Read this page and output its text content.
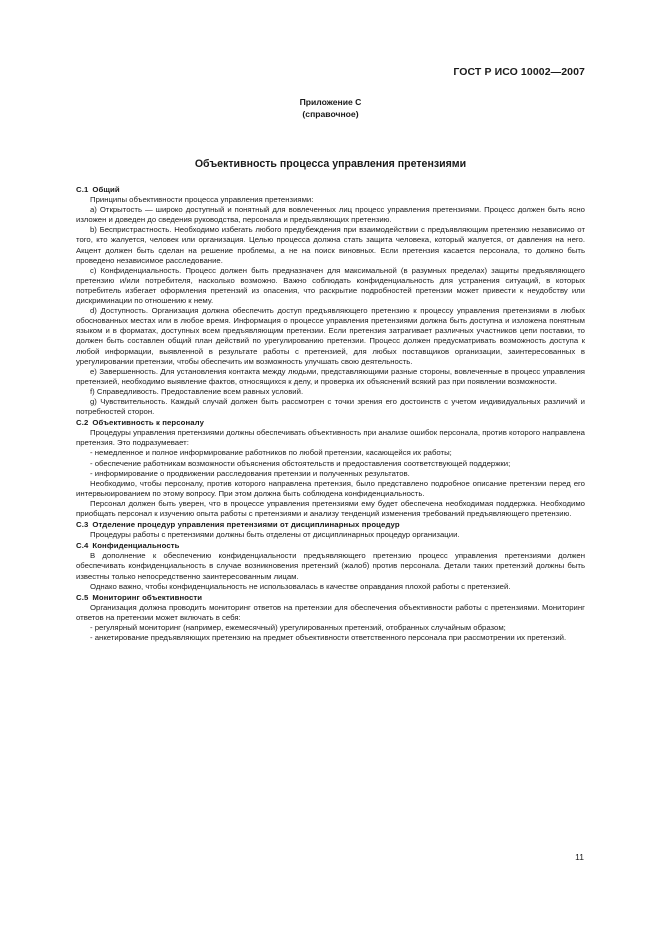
ГОСТ Р ИСО 10002—2007
Приложение С
(справочное)
Объективность процесса управления претензиями

С.1 Общий

Принципы объективности процесса управления претензиями:

a) Открытость — широко доступный и понятный для вовлеченных лиц процесс управления претензиями. Процесс должен быть ясно изложен и доведен до сведения руководства, персонала и предъявляющих претензию.

b) Беспристрастность. Необходимо избегать любого предубеждения при взаимодействии с предъявляющим претензию независимо от того, кто жалуется, человек или организация. Целью процесса должна стать защита человека, который жалуется, от давления на него. Акцент должен быть сделан на решение проблемы, а не на поиск виновных. Если претензия касается персонала, то должно быть проведено независимое расследование.

c) Конфиденциальность. Процесс должен быть предназначен для максимальной (в разумных пределах) защиты предъявляющего претензию и/или потребителя, насколько возможно. Важно соблюдать конфиденциальность для устранения ситуаций, в которых потребитель избегает оформления претензий из опасения, что раскрытие подробностей претензии может привести к неудобству или дискриминации по отношению к нему.

d) Доступность. Организация должна обеспечить доступ предъявляющего претензию к процессу управления претензиями в любых обоснованных местах или в любое время. Информация о процессе управления претензиями должна быть доступна и изложена понятным языком и в форматах, доступных всем предъявляющим претензии. Если претензия затрагивает различных участников цепи поставки, то должен быть составлен общий план действий по урегулированию претензии. Процесс должен предусматривать возможность доступа к любой информации, выявленной в результате работы с претензией, для любых поставщиков организации, заинтересованных в урегулировании претензии, чтобы обеспечить им возможность улучшать свою деятельность.

e) Завершенность. Для установления контакта между людьми, представляющими разные стороны, вовлеченные в процесс управления претензией, необходимо выявление фактов, относящихся к делу, и проверка их объяснений всякий раз при появлении возможности.

f) Справедливость. Предоставление всем равных условий.

g) Чувствительность. Каждый случай должен быть рассмотрен с точки зрения его достоинств с учетом индивидуальных различий и потребностей сторон.

С.2 Объективность к персоналу

Процедуры управления претензиями должны обеспечивать объективность при анализе ошибок персонала, против которого направлена претензия. Это подразумевает:

- немедленное и полное информирование работников по любой претензии, касающейся их работы;

- обеспечение работникам возможности объяснения обстоятельств и предоставления соответствующей поддержки;

- информирование о продвижении расследования претензии и полученных результатов.

Необходимо, чтобы персоналу, против которого направлена претензия, было представлено подробное описание претензии перед его интервьюированием по этому вопросу. При этом должна быть соблюдена конфиденциальность.

Персонал должен быть уверен, что в процессе управления претензиями ему будет обеспечена необходимая поддержка. Необходимо приобщать персонал к изучению опыта работы с претензиями и анализу тенденций изменения требований предъявляющего претензию.

С.3 Отделение процедур управления претензиями от дисциплинарных процедур

Процедуры работы с претензиями должны быть отделены от дисциплинарных процедур организации.

С.4 Конфиденциальность

В дополнение к обеспечению конфиденциальности предъявляющего претензию процесс управления претензиями должен обеспечивать конфиденциальность в случае возникновения претензий (жалоб) против персонала. Детали таких претензий должны быть известны только непосредственно заинтересованным лицам.

Однако важно, чтобы конфиденциальность не использовалась в качестве оправдания плохой работы с претензией.

С.5 Мониторинг объективности

Организация должна проводить мониторинг ответов на претензии для обеспечения объективности работы с претензиями. Мониторинг ответов на претензии может включать в себя:

- регулярный мониторинг (например, ежемесячный) урегулированных претензий, отобранных случайным образом;

- анкетирование предъявляющих претензию на предмет объективности ответственного персонала при рассмотрении их претензий.

11
